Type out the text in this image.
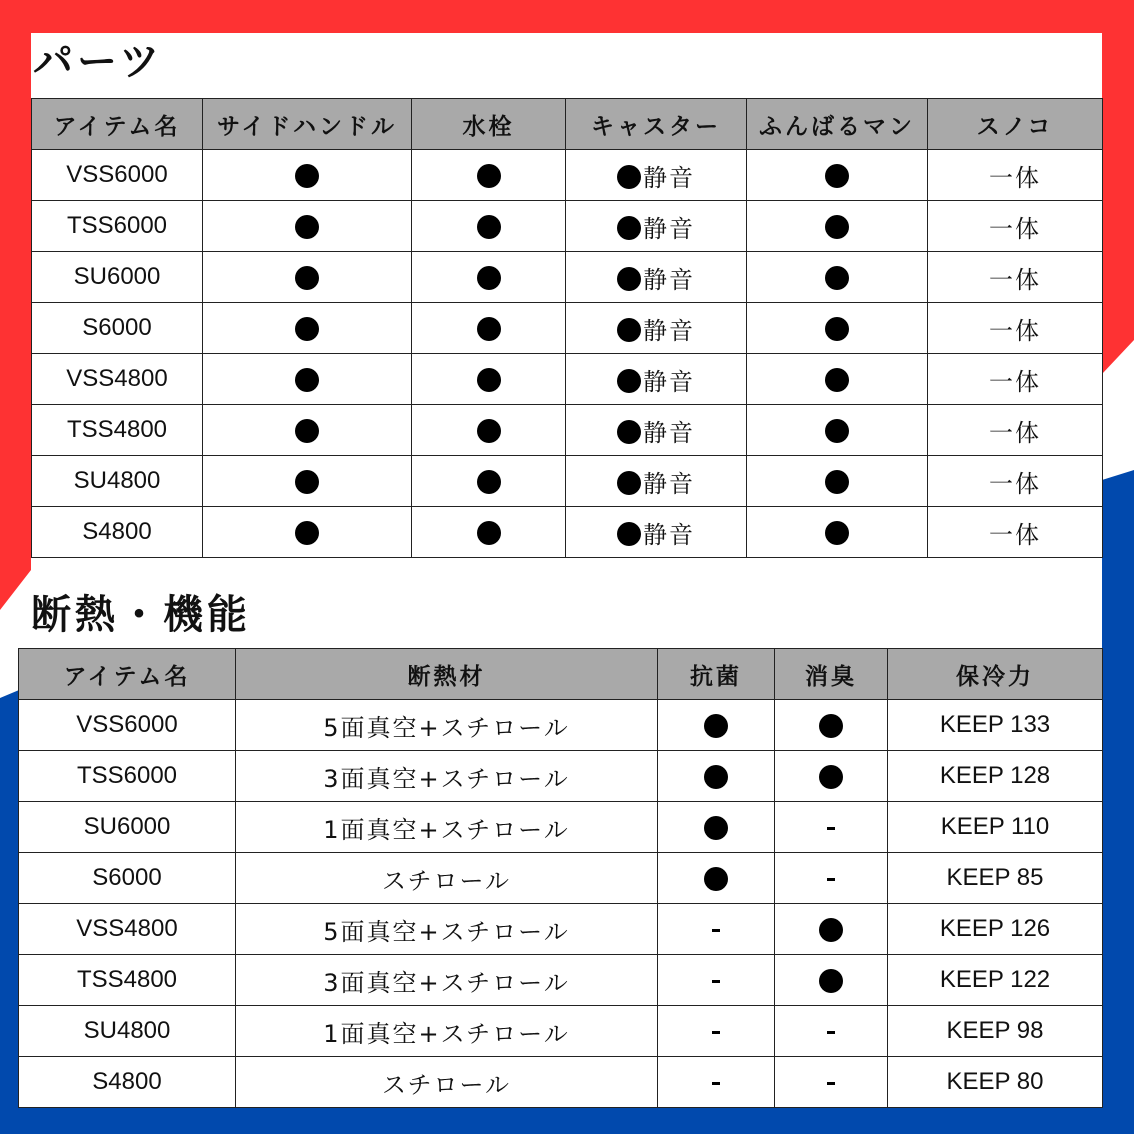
パーツ
アイテム名	サイドハンドル	水栓	キャスター	ふんばるマン	スノコ
VSS6000			静音		一体
TSS6000			静音		一体
SU6000			静音		一体
S6000			静音		一体
VSS4800			静音		一体
TSS4800			静音		一体
SU4800			静音		一体
S4800			静音		一体
断熱・機能
アイテム名	断熱材	抗菌	消臭	保冷力
VSS6000	5面真空+スチロール			KEEP 133
TSS6000	3面真空+スチロール			KEEP 128
SU6000	1面真空+スチロール			KEEP 110
S6000	スチロール			KEEP 85
VSS4800	5面真空+スチロール			KEEP 126
TSS4800	3面真空+スチロール			KEEP 122
SU4800	1面真空+スチロール			KEEP 98
S4800	スチロール			KEEP 80
